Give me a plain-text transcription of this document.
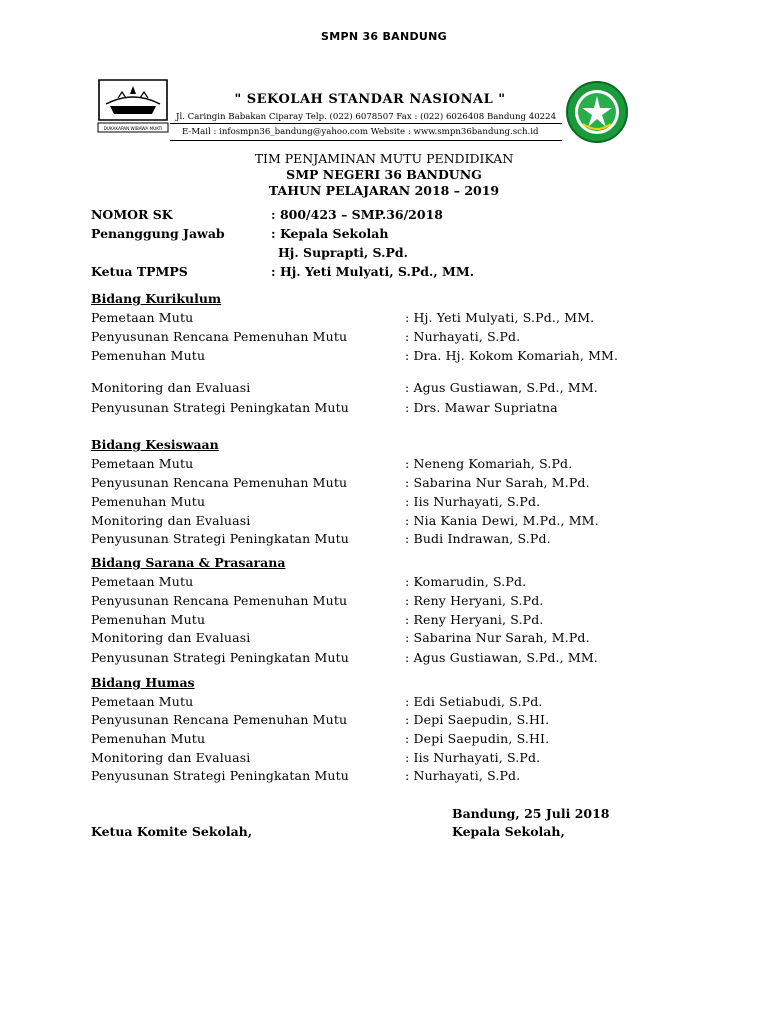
SMPN 36 BANDUNG
DUKAKAPAN WIBAWA MUKTI
" SEKOLAH STANDAR NASIONAL "
Jl. Caringin Babakan Ciparay Telp. (022) 6078507 Fax : (022) 6026408 Bandung 40224
E-Mail : infosmpn36_bandung@yahoo.com Website : www.smpn36bandung.sch.id
TIM PENJAMINAN MUTU PENDIDIKAN
SMP NEGERI 36 BANDUNG
TAHUN PELAJARAN 2018 – 2019
NOMOR SK	: 800/423 – SMP.36/2018
Penanggung Jawab	: Kepala Sekolah
Hj. Suprapti, S.Pd.
Ketua TPMPS	: Hj. Yeti Mulyati, S.Pd., MM.
Bidang Kurikulum
Pemetaan Mutu	: Hj. Yeti Mulyati, S.Pd., MM.
Penyusunan Rencana Pemenuhan Mutu	: Nurhayati, S.Pd.
Pemenuhan Mutu	: Dra. Hj. Kokom Komariah, MM.
Monitoring dan Evaluasi	: Agus Gustiawan, S.Pd., MM.
Penyusunan Strategi Peningkatan Mutu	: Drs. Mawar Supriatna
Bidang Kesiswaan
Pemetaan Mutu	: Neneng Komariah, S.Pd.
Penyusunan Rencana Pemenuhan Mutu	: Sabarina Nur Sarah, M.Pd.
Pemenuhan Mutu	: Iis Nurhayati, S.Pd.
Monitoring dan Evaluasi	: Nia Kania Dewi, M.Pd., MM.
Penyusunan Strategi Peningkatan Mutu	: Budi Indrawan, S.Pd.
Bidang Sarana & Prasarana
Pemetaan Mutu	: Komarudin, S.Pd.
Penyusunan Rencana Pemenuhan Mutu	: Reny Heryani, S.Pd.
Pemenuhan Mutu	: Reny Heryani, S.Pd.
Monitoring dan Evaluasi	: Sabarina Nur Sarah, M.Pd.
Penyusunan Strategi Peningkatan Mutu	: Agus Gustiawan, S.Pd., MM.
Bidang Humas
Pemetaan Mutu	: Edi Setiabudi, S.Pd.
Penyusunan Rencana Pemenuhan Mutu	: Depi Saepudin, S.HI.
Pemenuhan Mutu	: Depi Saepudin, S.HI.
Monitoring dan Evaluasi	: Iis Nurhayati, S.Pd.
Penyusunan Strategi Peningkatan Mutu	: Nurhayati, S.Pd.
Bandung, 25 Juli 2018
Ketua Komite Sekolah,	Kepala Sekolah,
